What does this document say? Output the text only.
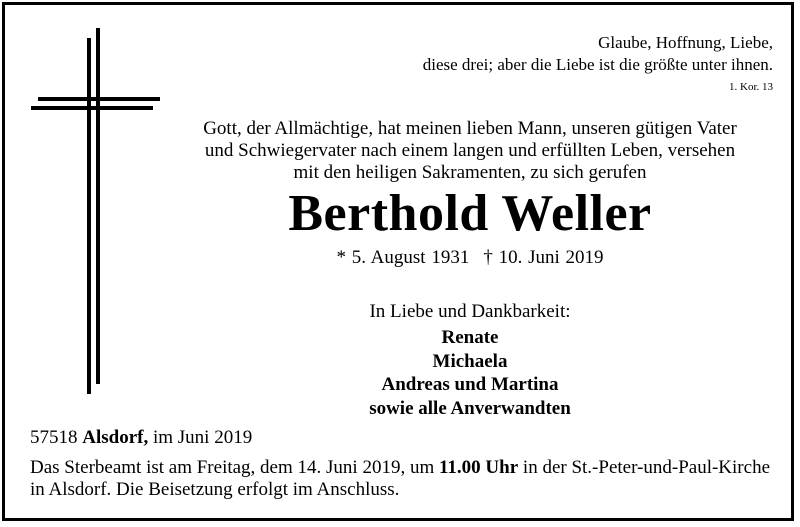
Glaube, Hoffnung, Liebe,
diese drei; aber die Liebe ist die größte unter ihnen.
1. Kor. 13
Gott, der Allmächtige, hat meinen lieben Mann, unseren gütigen Vater
und Schwiegervater nach einem langen und erfüllten Leben, versehen
mit den heiligen Sakramenten, zu sich gerufen
Berthold Weller
* 5. August 1931 † 10. Juni 2019
In Liebe und Dankbarkeit:
Renate
Michaela
Andreas und Martina
sowie alle Anverwandten
57518 Alsdorf, im Juni 2019
Das Sterbeamt ist am Freitag, dem 14. Juni 2019, um 11.00 Uhr in der St.-Peter-und-Paul-Kirche in Alsdorf. Die Beisetzung erfolgt im Anschluss.
